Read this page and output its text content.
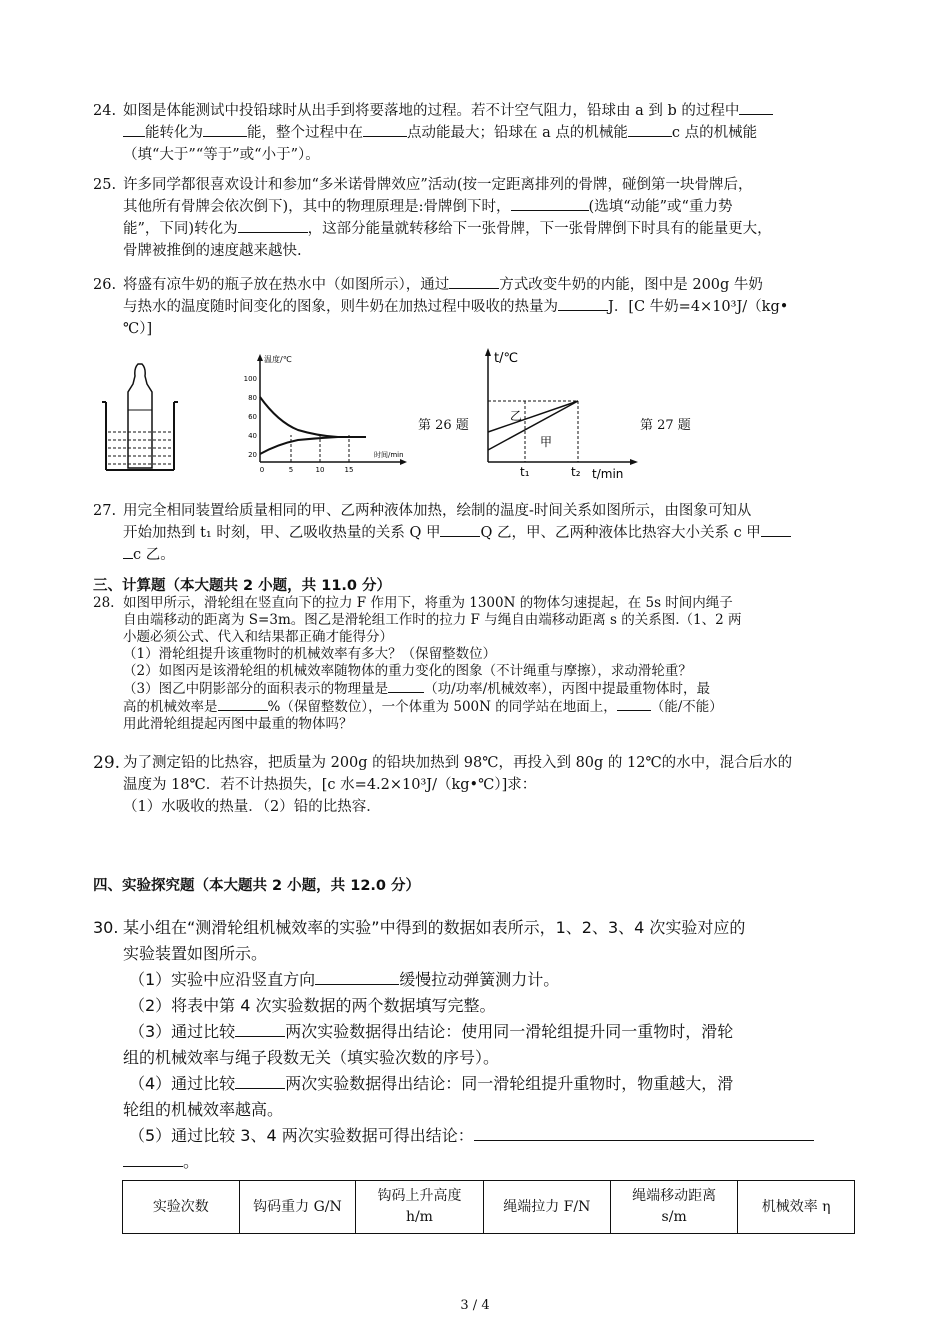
24. 如图是体能测试中投铅球时从出手到将要落地的过程。若不计空气阻力，铅球由 a 到 b 的过程中
能转化为	能，整个过程中在	点动能最大；铅球在 a 点的机械能	c 点的机械能
（填“大于”“等于”或“小于”）。
25. 许多同学都很喜欢设计和参加“多米诺骨牌效应”活动(按一定距离排列的骨牌，碰倒第一块骨牌后，
其他所有骨牌会依次倒下)，其中的物理原理是:骨牌倒下时，	(选填“动能”或“重力势
能”，下同)转化为	，这部分能量就转移给下一张骨牌，下一张骨牌倒下时具有的能量更大，
骨牌被推倒的速度越来越快.
26. 将盛有凉牛奶的瓶子放在热水中（如图所示），通过	方式改变牛奶的内能，图中是 200g 牛奶
与热水的温度随时间变化的图象，则牛奶在加热过程中吸收的热量为	J．[C 牛奶=4×10³J/（kg•
℃）]
温度/℃
时间/min
100
80
60
40
20
0	5	10	15
第 26 题
t/℃
t/min
乙
甲
t₁	t₂
第 27 题
27. 用完全相同装置给质量相同的甲、乙两种液体加热，绘制的温度-时间关系如图所示，由图象可知从
开始加热到 t₁ 时刻，甲、乙吸收热量的关系 Q 甲	Q 乙，甲、乙两种液体比热容大小关系 c 甲
c 乙。
三、计算题（本大题共 2 小题，共 11.0 分）
28. 如图甲所示，滑轮组在竖直向下的拉力 F 作用下，将重为 1300N 的物体匀速提起，在 5s 时间内绳子
自由端移动的距离为 S=3m。图乙是滑轮组工作时的拉力 F 与绳自由端移动距离 s 的关系图.（1、2 两
小题必须公式、代入和结果都正确才能得分）
（1）滑轮组提升该重物时的机械效率有多大？（保留整数位）
（2）如图丙是该滑轮组的机械效率随物体的重力变化的图象（不计绳重与摩擦），求动滑轮重？
（3）图乙中阴影部分的面积表示的物理量是	（功/功率/机械效率），丙图中提最重物体时，最
高的机械效率是	%（保留整数位），一个体重为 500N 的同学站在地面上，	（能/不能）
用此滑轮组提起丙图中最重的物体吗？
29. 为了测定铅的比热容，把质量为 200g 的铅块加热到 98℃，再投入到 80g 的 12℃的水中，混合后水的
温度为 18℃．若不计热损失，[c 水=4.2×10³J/（kg•℃）]求：
（1）水吸收的热量．（2）铅的比热容．
四、实验探究题（本大题共 2 小题，共 12.0 分）
30. 某小组在“测滑轮组机械效率的实验”中得到的数据如表所示，1、2、3、4 次实验对应的
实验装置如图所示。
（1）实验中应沿竖直方向	缓慢拉动弹簧测力计。
（2）将表中第 4 次实验数据的两个数据填写完整。
（3）通过比较	两次实验数据得出结论：使用同一滑轮组提升同一重物时，滑轮
组的机械效率与绳子段数无关（填实验次数的序号）。
（4）通过比较	两次实验数据得出结论：同一滑轮组提升重物时，物重越大，滑
轮组的机械效率越高。
（5）通过比较 3、4 两次实验数据可得出结论：
。
实验次数	钩码重力 G/N	
钩码上升高度
h/m
	绳端拉力 F/N	
绳端移动距离
s/m
	机械效率 η
3 / 4
